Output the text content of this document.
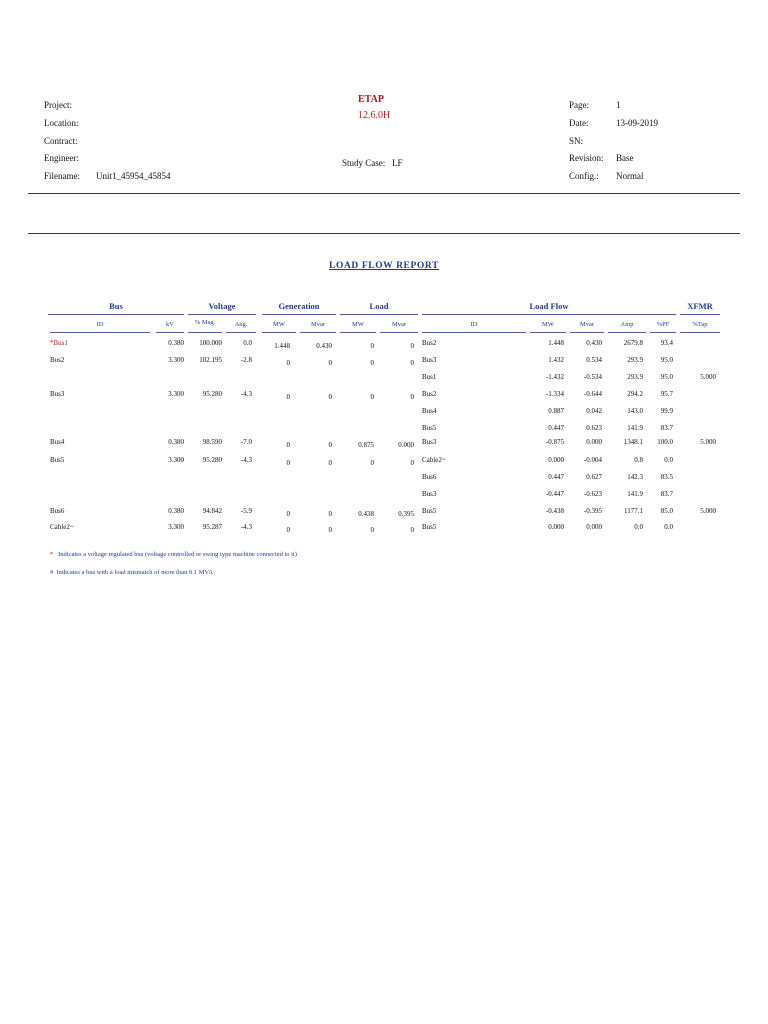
Project:
Location:
Contract:
Engineer:
Filename: Unit1_45954_45854
ETAP
12.6.0H
Study Case: LF
Page:	1
Date:	13-09-2019
SN:
Revision: Base
Config.: Normal
LOAD FLOW REPORT
Bus	Voltage	Generation	Load	Load Flow	XFMR
ID	kV	% Mag.	Ang.	MW	Mvar	MW	Mvar	ID	MW	Mvar	Amp	%PF	%Tap
*Bus1	0.380	100.000	0.0	1.448	0.430	0	0 Bus2	1.448	0.430	2679.8	93.4
Bus2	3.300	102.195	-2.8	0	0	0	0 Bus3	1.432	0.534	293.9	95.0
Bus1	-1.432	-0.534	293.9	95.0	5.000
Bus3	3.300	95.280	-4.3	0	0	0	0 Bus2	-1.334	-0.644	294.2	95.7
Bus4	0.887	0.042	143.0	99.9
Bus5	0.447	0.623	141.9	83.7
Bus4	0.380	98.590	-7.0	0	0	0.875	0.000 Bus3	-0.875	0.000	1348.1	100.0	5.000
Bus5	3.300	95.280	-4.3	0	0	0	0 Cable2~	0.000	-0.004	0.8	0.0
Bus6	0.447	0.627	142.3	83.5
Bus3	-0.447	-0.623	141.9	83.7
Bus6	0.380	94.842	-5.9	0	0	0.438	0.395 Bus5	-0.438	-0.395	1177.1	85.0	5.000
Cable2~	3.300	95.287	-4.3	0	0	0	0 Bus5	0.000	0.000	0.0	0.0
* Indicates a voltage regulated bus (voltage controlled or swing type machine connected to it)
# Indicates a bus with a load mismatch of more than 0.1 MVA
